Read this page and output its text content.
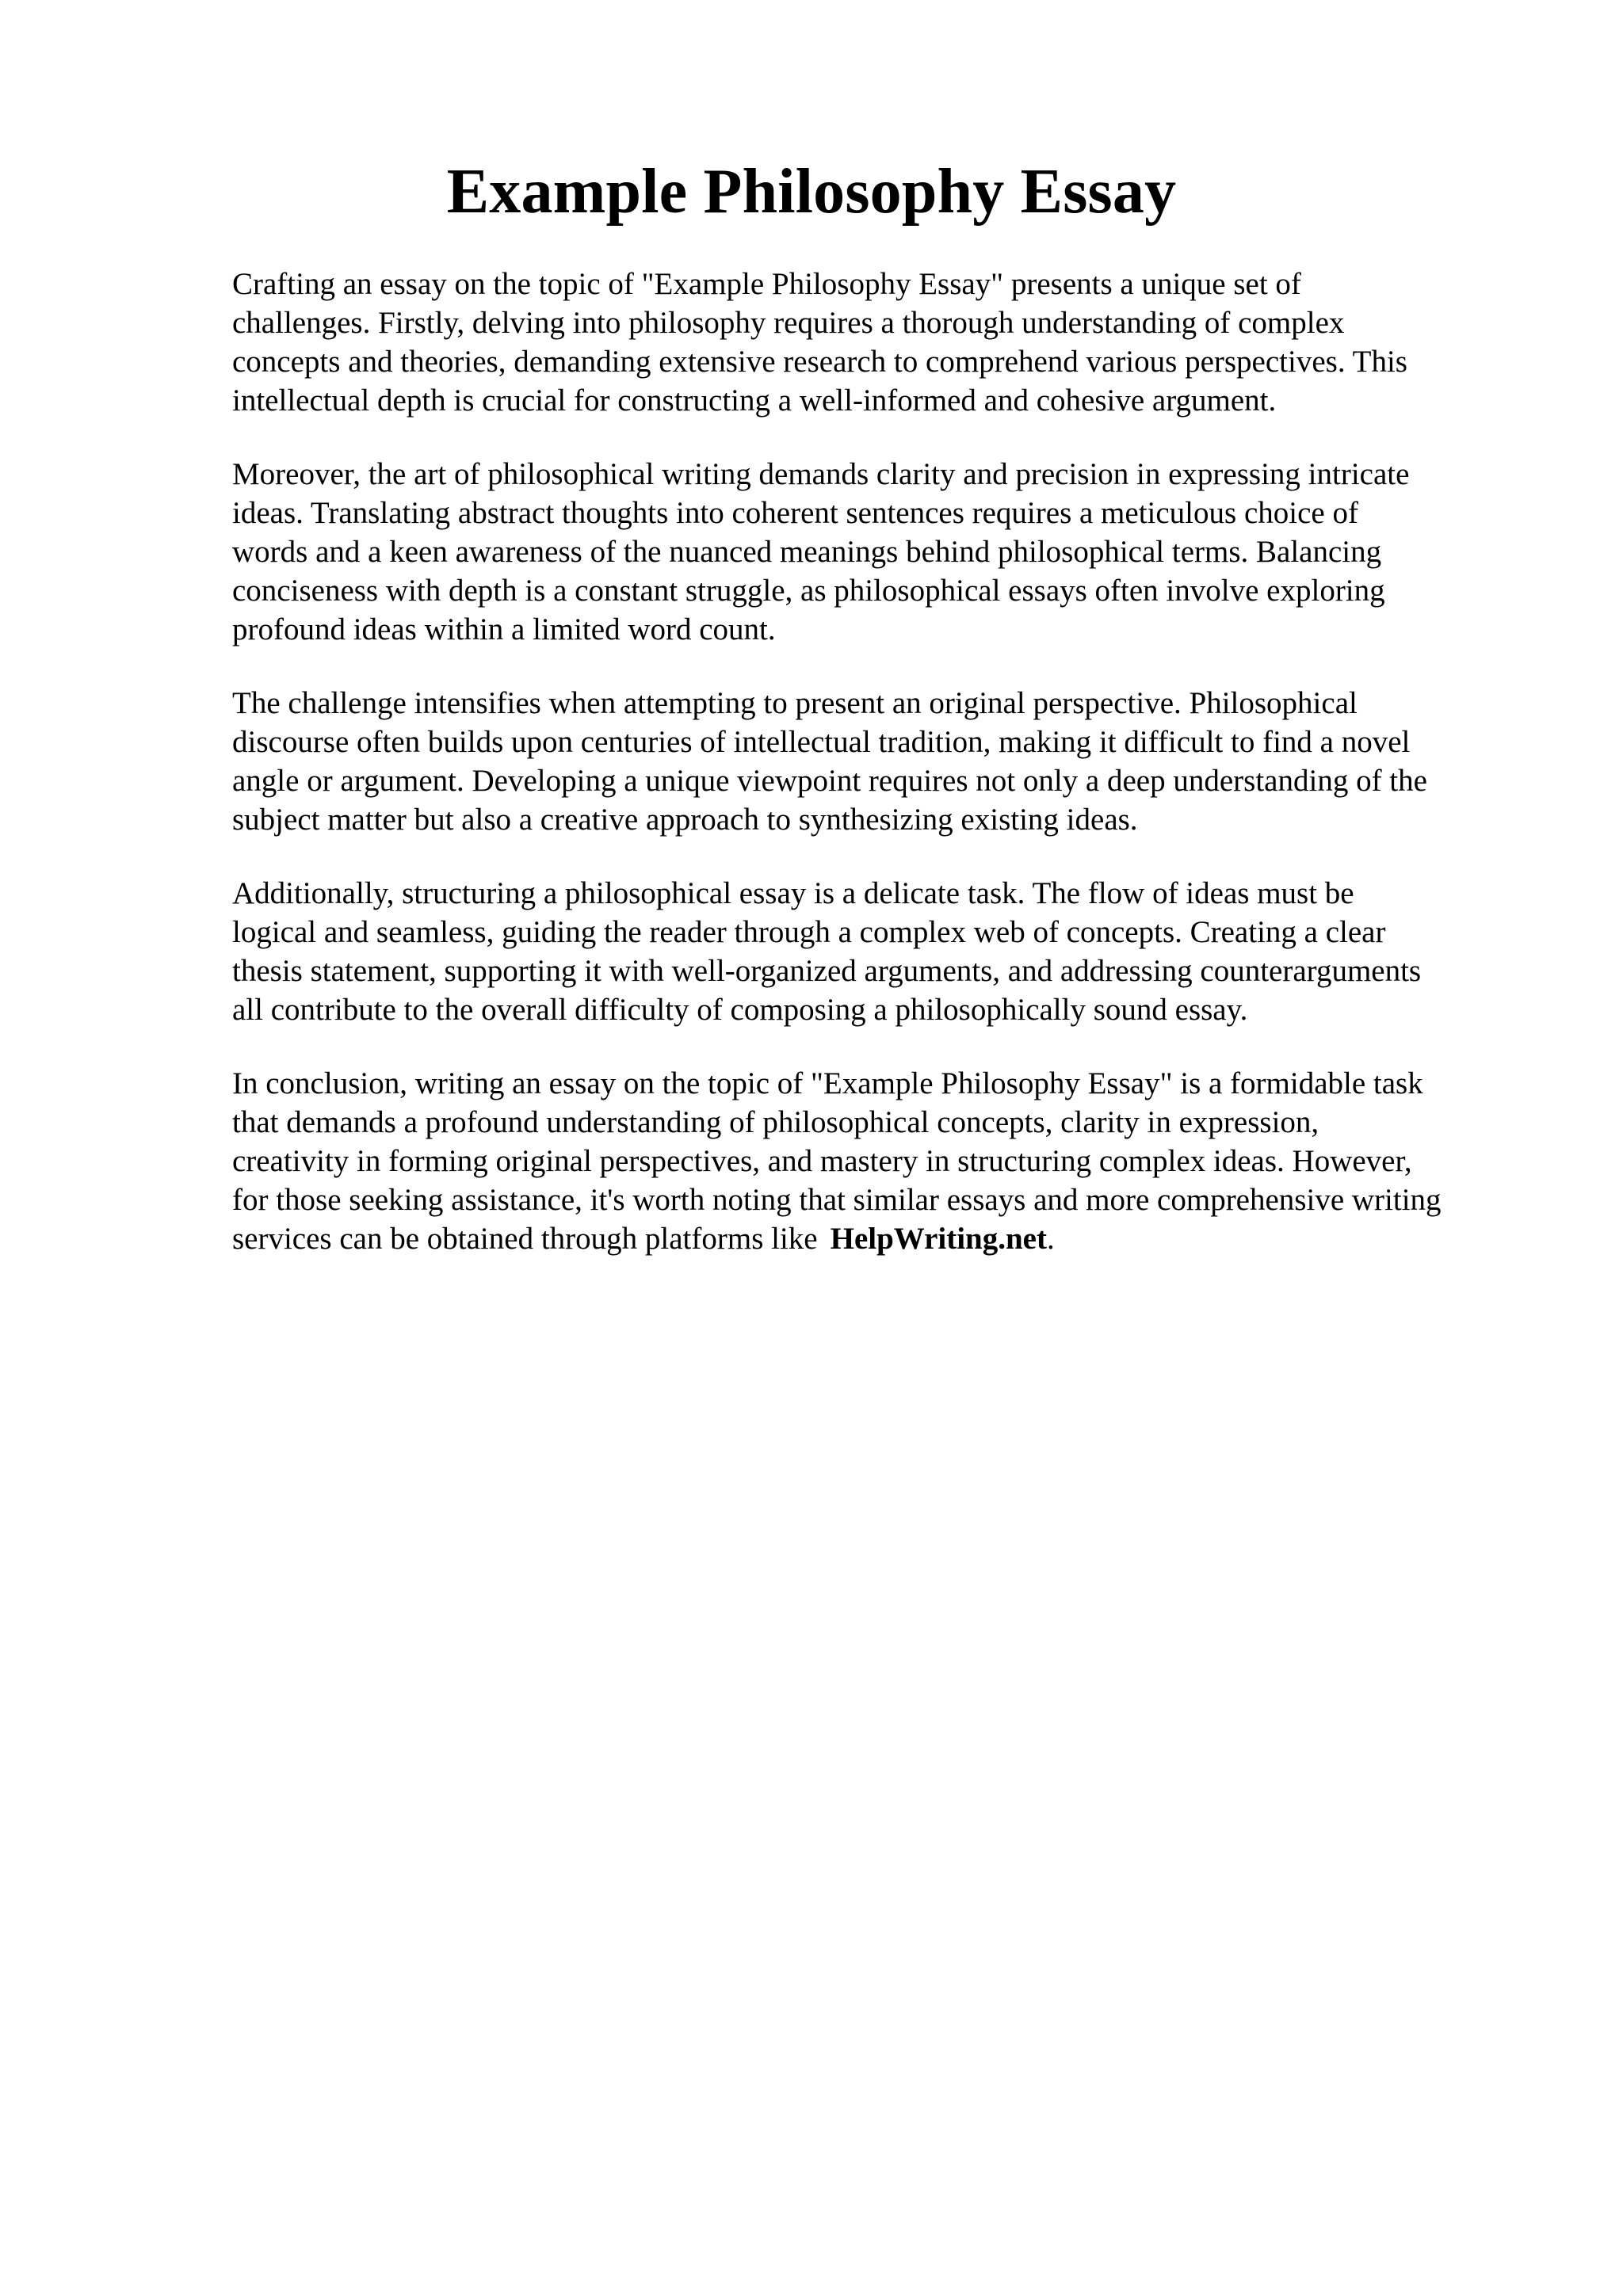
Example Philosophy Essay

Crafting an essay on the topic of "Example Philosophy Essay" presents a unique set of
challenges. Firstly, delving into philosophy requires a thorough understanding of complex
concepts and theories, demanding extensive research to comprehend various perspectives. This
intellectual depth is crucial for constructing a well-informed and cohesive argument.

Moreover, the art of philosophical writing demands clarity and precision in expressing intricate
ideas. Translating abstract thoughts into coherent sentences requires a meticulous choice of
words and a keen awareness of the nuanced meanings behind philosophical terms. Balancing
conciseness with depth is a constant struggle, as philosophical essays often involve exploring
profound ideas within a limited word count.

The challenge intensifies when attempting to present an original perspective. Philosophical
discourse often builds upon centuries of intellectual tradition, making it difficult to find a novel
angle or argument. Developing a unique viewpoint requires not only a deep understanding of the
subject matter but also a creative approach to synthesizing existing ideas.

Additionally, structuring a philosophical essay is a delicate task. The flow of ideas must be
logical and seamless, guiding the reader through a complex web of concepts. Creating a clear
thesis statement, supporting it with well-organized arguments, and addressing counterarguments
all contribute to the overall difficulty of composing a philosophically sound essay.

In conclusion, writing an essay on the topic of "Example Philosophy Essay" is a formidable task
that demands a profound understanding of philosophical concepts, clarity in expression,
creativity in forming original perspectives, and mastery in structuring complex ideas. However,
for those seeking assistance, it's worth noting that similar essays and more comprehensive writing
services can be obtained through platforms like HelpWriting.net.
